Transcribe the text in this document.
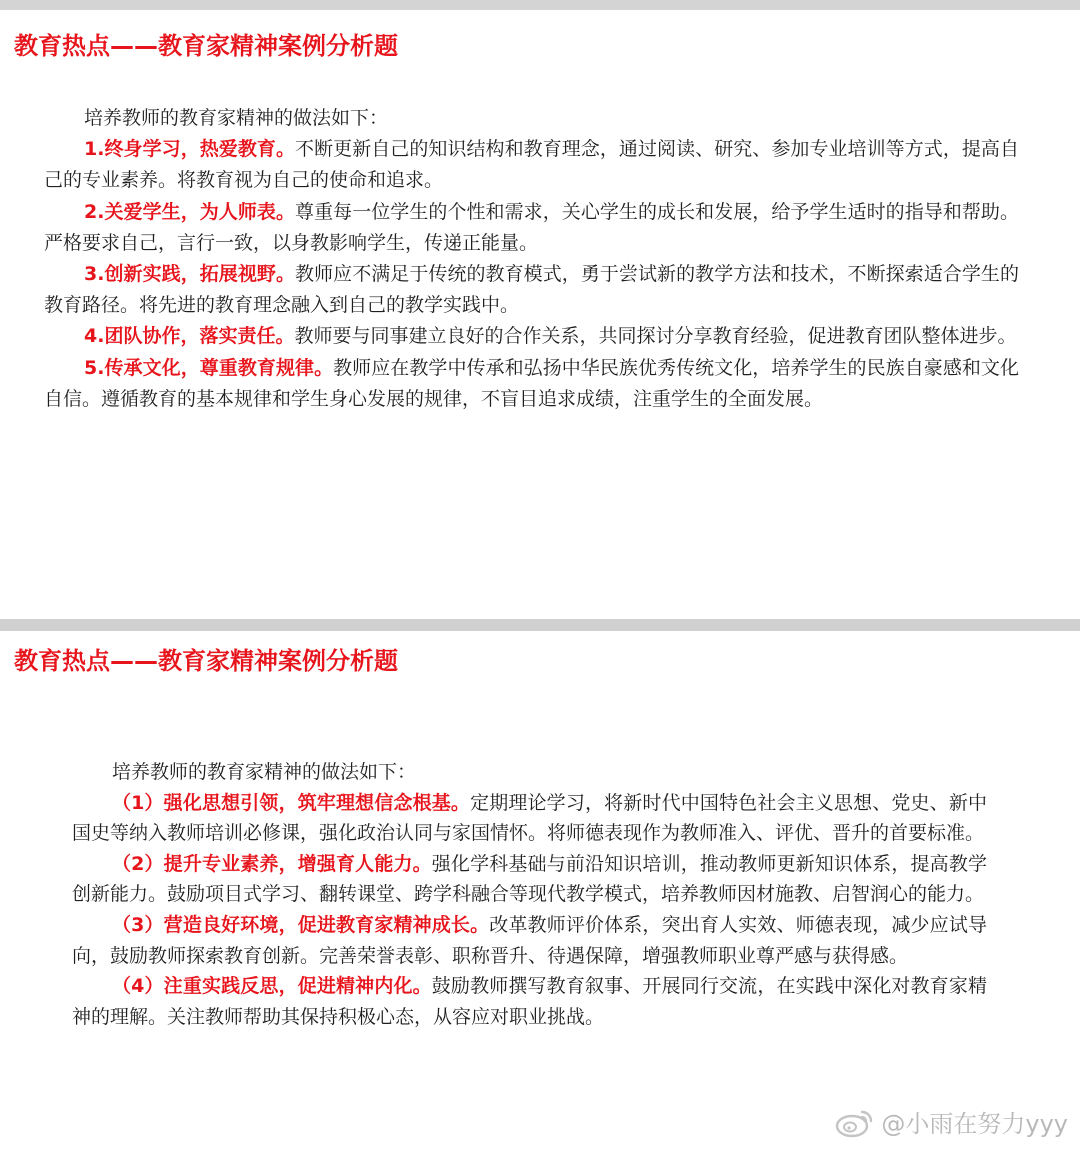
教育热点——教育家精神案例分析题

培养教师的教育家精神的做法如下：

1.终身学习，热爱教育。不断更新自己的知识结构和教育理念，通过阅读、研究、参加专业培训等方式，提高自己的专业素养。将教育视为自己的使命和追求。

2.关爱学生，为人师表。尊重每一位学生的个性和需求，关心学生的成长和发展，给予学生适时的指导和帮助。严格要求自己，言行一致，以身教影响学生，传递正能量。

3.创新实践，拓展视野。教师应不满足于传统的教育模式，勇于尝试新的教学方法和技术，不断探索适合学生的教育路径。将先进的教育理念融入到自己的教学实践中。

4.团队协作，落实责任。教师要与同事建立良好的合作关系，共同探讨分享教育经验，促进教育团队整体进步。

5.传承文化，尊重教育规律。教师应在教学中传承和弘扬中华民族优秀传统文化，培养学生的民族自豪感和文化自信。遵循教育的基本规律和学生身心发展的规律，不盲目追求成绩，注重学生的全面发展。

教育热点——教育家精神案例分析题

培养教师的教育家精神的做法如下：

（1）强化思想引领，筑牢理想信念根基。定期理论学习，将新时代中国特色社会主义思想、党史、新中国史等纳入教师培训必修课，强化政治认同与家国情怀。将师德表现作为教师准入、评优、晋升的首要标准。

（2）提升专业素养，增强育人能力。强化学科基础与前沿知识培训，推动教师更新知识体系，提高教学创新能力。鼓励项目式学习、翻转课堂、跨学科融合等现代教学模式，培养教师因材施教、启智润心的能力。

（3）营造良好环境，促进教育家精神成长。改革教师评价体系，突出育人实效、师德表现，减少应试导向，鼓励教师探索教育创新。完善荣誉表彰、职称晋升、待遇保障，增强教师职业尊严感与获得感。

（4）注重实践反思，促进精神内化。鼓励教师撰写教育叙事、开展同行交流，在实践中深化对教育家精神的理解。关注教师帮助其保持积极心态，从容应对职业挑战。

@小雨在努力yyy
